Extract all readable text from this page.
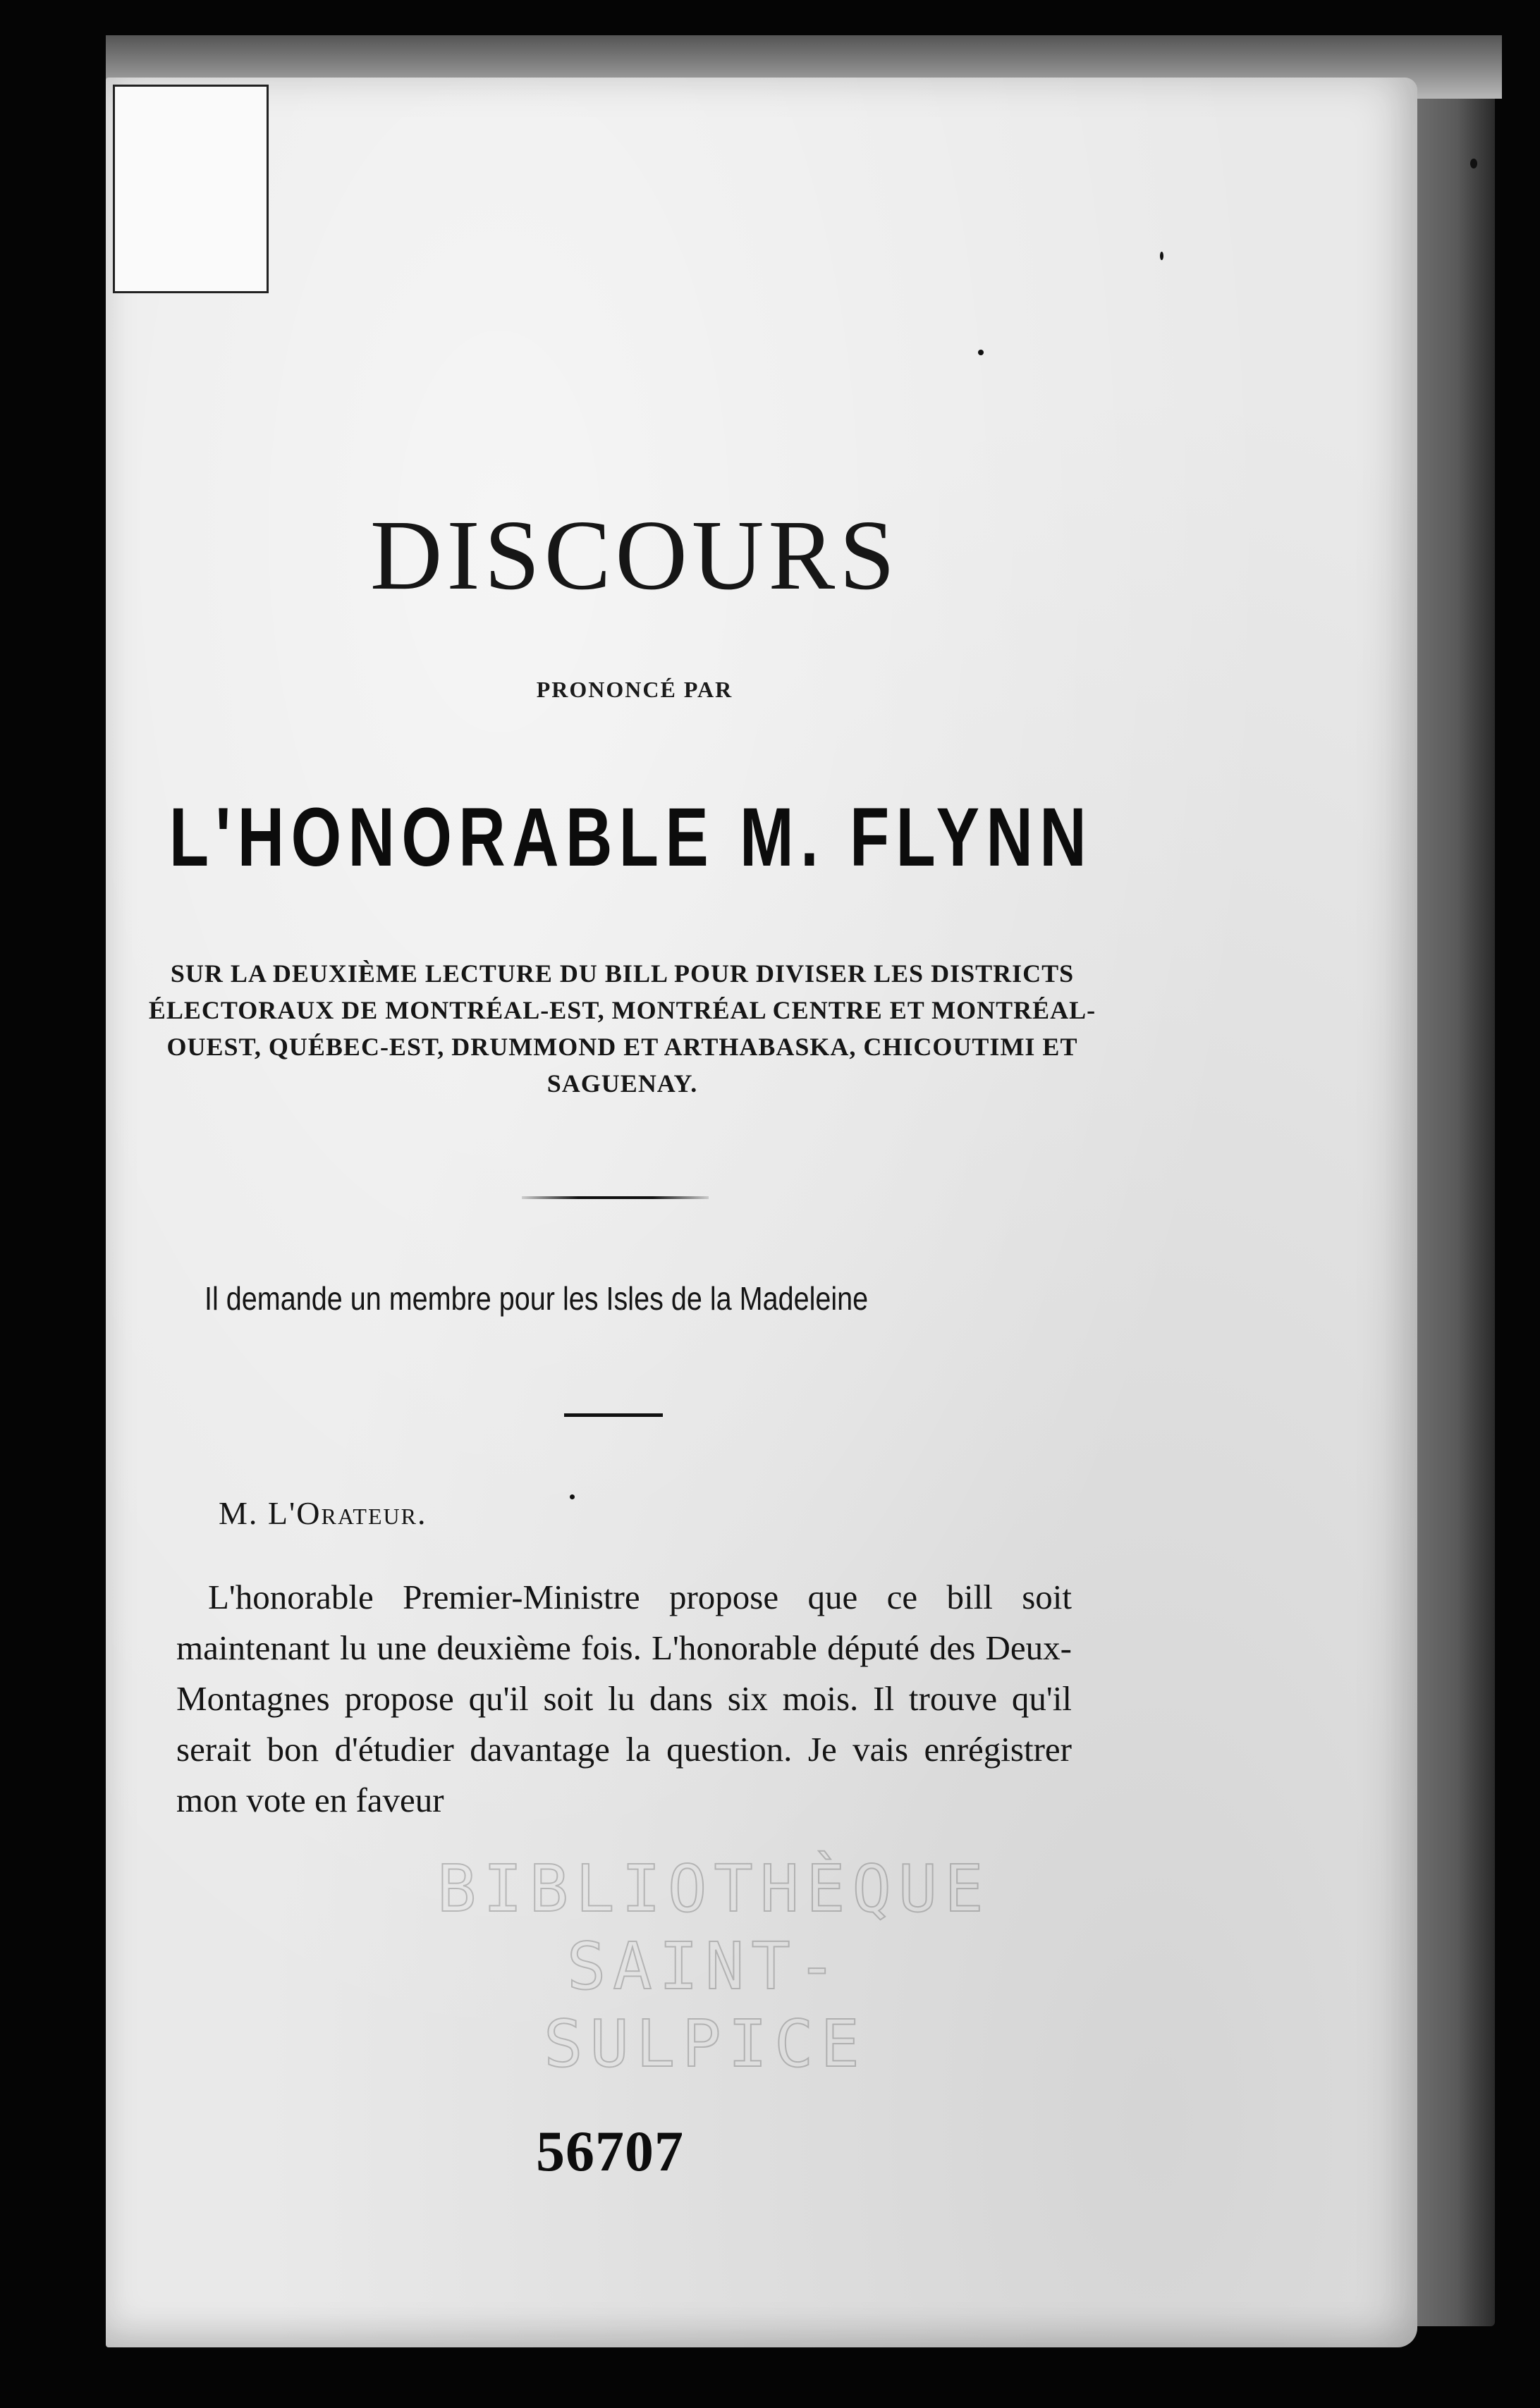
DISCOURS
PRONONCÉ PAR
L'HONORABLE M. FLYNN
SUR LA DEUXIÈME LECTURE DU BILL POUR DIVISER LES DISTRICTS ÉLECTORAUX DE MONTRÉAL-EST, MONTRÉAL CENTRE ET MONTRÉAL-OUEST, QUÉBEC-EST, DRUMMOND ET ARTHABASKA, CHICOUTIMI ET SAGUENAY.
Il demande un membre pour les Isles de la Madeleine
M. L'Orateur.
L'honorable Premier-Ministre propose que ce bill soit maintenant lu une deuxième fois. L'honorable député des Deux-Montagnes propose qu'il soit lu dans six mois. Il trouve qu'il serait bon d'étudier davantage la question. Je vais enrégistrer mon vote en faveur
BIBLIOTHÈQUE
SAINT-SULPICE
56707
